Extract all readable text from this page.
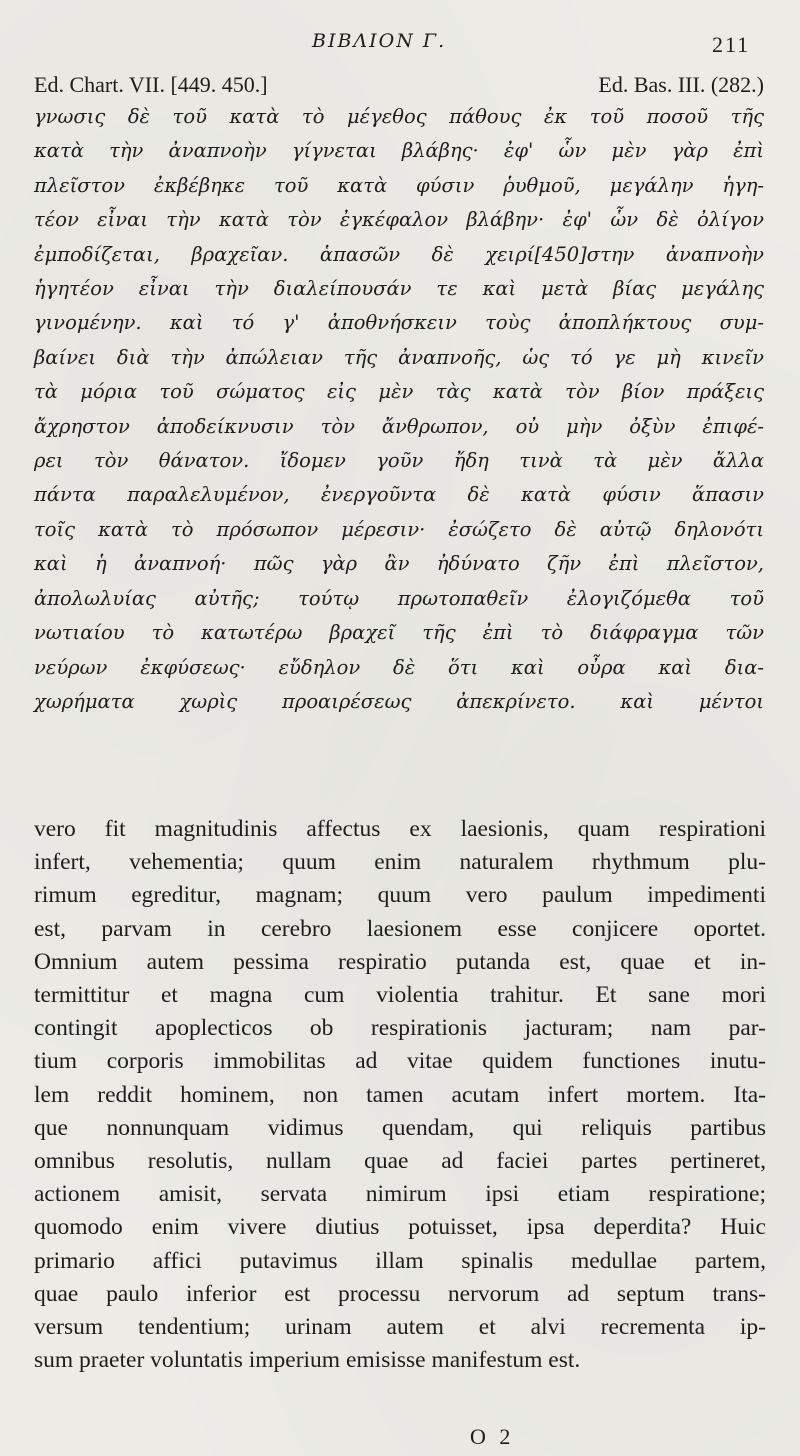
ΒΙΒΛΙΟΝ Γ.	211
Ed. Chart. VII. [449. 450.]	Ed. Bas. III. (282.)
γνωσις δὲ τοῦ κατὰ τὸ μέγεθος πάθους ἐκ τοῦ ποσοῦ τῆς
κατὰ τὴν ἀναπνοὴν γίγνεται βλάβης· ἐφ' ὧν μὲν γὰρ ἐπὶ
πλεῖστον ἐκβέβηκε τοῦ κατὰ φύσιν ῥυθμοῦ, μεγάλην ἡγη-
τέον εἶναι τὴν κατὰ τὸν ἐγκέφαλον βλάβην· ἐφ' ὧν δὲ ὀλίγον
ἐμποδίζεται, βραχεῖαν. ἁπασῶν δὲ χειρί[450]στην ἀναπνοὴν
ἡγητέον εἶναι τὴν διαλείπουσάν τε καὶ μετὰ βίας μεγάλης
γινομένην. καὶ τό γ' ἀποθνήσκειν τοὺς ἀποπλήκτους συμ-
βαίνει διὰ τὴν ἀπώλειαν τῆς ἀναπνοῆς, ὡς τό γε μὴ κινεῖν
τὰ μόρια τοῦ σώματος εἰς μὲν τὰς κατὰ τὸν βίον πράξεις
ἄχρηστον ἀποδείκνυσιν τὸν ἄνθρωπον, οὐ μὴν ὀξὺν ἐπιφέ-
ρει τὸν θάνατον. ἴδομεν γοῦν ἤδη τινὰ τὰ μὲν ἄλλα
πάντα παραλελυμένον, ἐνεργοῦντα δὲ κατὰ φύσιν ἅπασιν
τοῖς κατὰ τὸ πρόσωπον μέρεσιν· ἐσώζετο δὲ αὐτῷ δηλονότι
καὶ ἡ ἀναπνοή· πῶς γὰρ ἂν ἠδύνατο ζῆν ἐπὶ πλεῖστον,
ἀπολωλυίας αὐτῆς; τούτῳ πρωτοπαθεῖν ἐλογιζόμεθα τοῦ
νωτιαίου τὸ κατωτέρω βραχεῖ τῆς ἐπὶ τὸ διάφραγμα τῶν
νεύρων ἐκφύσεως· εὔδηλον δὲ ὅτι καὶ οὖρα καὶ δια-
χωρήματα χωρὶς προαιρέσεως ἀπεκρίνετο. καὶ μέντοι
vero fit magnitudinis affectus ex laesionis, quam respirationi
infert, vehementia; quum enim naturalem rhythmum plu-
rimum egreditur, magnam; quum vero paulum impedimenti
est, parvam in cerebro laesionem esse conjicere oportet.
Omnium autem pessima respiratio putanda est, quae et in-
termittitur et magna cum violentia trahitur. Et sane mori
contingit apoplecticos ob respirationis jacturam; nam par-
tium corporis immobilitas ad vitae quidem functiones inutu-
lem reddit hominem, non tamen acutam infert mortem. Ita-
que nonnunquam vidimus quendam, qui reliquis partibus
omnibus resolutis, nullam quae ad faciei partes pertineret,
actionem amisit, servata nimirum ipsi etiam respiratione;
quomodo enim vivere diutius potuisset, ipsa deperdita? Huic
primario affici putavimus illam spinalis medullae partem,
quae paulo inferior est processu nervorum ad septum trans-
versum tendentium; urinam autem et alvi recrementa ip-
sum praeter voluntatis imperium emisisse manifestum est.
O 2
